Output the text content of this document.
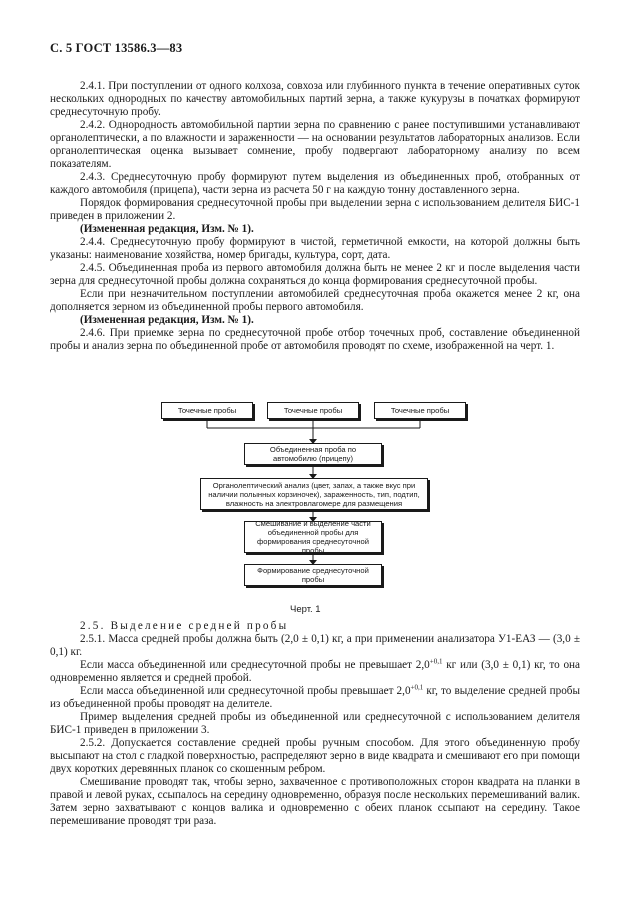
С. 5 ГОСТ 13586.3—83

2.4.1. При поступлении от одного колхоза, совхоза или глубинного пункта в течение оперативных суток нескольких однородных по качеству автомобильных партий зерна, а также кукурузы в початках формируют среднесуточную пробу.

2.4.2. Однородность автомобильной партии зерна по сравнению с ранее поступившими устанавливают органолептически, а по влажности и зараженности — на основании результатов лабораторных анализов. Если органолептическая оценка вызывает сомнение, пробу подвергают лабораторному анализу по всем показателям.

2.4.3. Среднесуточную пробу формируют путем выделения из объединенных проб, отобранных от каждого автомобиля (прицепа), части зерна из расчета 50 г на каждую тонну доставленного зерна.

Порядок формирования среднесуточной пробы при выделении зерна с использованием делителя БИС-1 приведен в приложении 2.

(Измененная редакция, Изм. № 1).

2.4.4. Среднесуточную пробу формируют в чистой, герметичной емкости, на которой должны быть указаны: наименование хозяйства, номер бригады, культура, сорт, дата.

2.4.5. Объединенная проба из первого автомобиля должна быть не менее 2 кг и после выделения части зерна для среднесуточной пробы должна сохраняться до конца формирования среднесуточной пробы.

Если при незначительном поступлении автомобилей среднесуточная проба окажется менее 2 кг, она дополняется зерном из объединенной пробы первого автомобиля.

(Измененная редакция, Изм. № 1).

2.4.6. При приемке зерна по среднесуточной пробе отбор точечных проб, составление объединенной пробы и анализ зерна по объединенной пробе от автомобиля проводят по схеме, изображенной на черт. 1.

Точечные пробы	Точечные пробы	Точечные пробы
Объединенная проба по автомобилю (прицепу)
Органолептический анализ (цвет, запах, а также вкус при наличии полынных корзиночек), зараженность, тип, подтип, влажность на электровлагомере для размещения
Смешивание и выделение части объединенной пробы для формирования среднесуточной пробы
Формирование среднесуточной пробы
Черт. 1

2.5. Выделение средней пробы

2.5.1. Масса средней пробы должна быть (2,0 ± 0,1) кг, а при применении анализатора У1-ЕАЗ — (3,0 ± 0,1) кг.

Если масса объединенной или среднесуточной пробы не превышает $2,0^{+0,1}$ кг или (3,0 ± 0,1) кг, то она одновременно является и средней пробой.

Если масса объединенной или среднесуточной пробы превышает $2,0^{+0,1}$ кг, то выделение средней пробы из объединенной пробы проводят на делителе.

Пример выделения средней пробы из объединенной или среднесуточной с использованием делителя БИС-1 приведен в приложении 3.

2.5.2. Допускается составление средней пробы ручным способом. Для этого объединенную пробу высыпают на стол с гладкой поверхностью, распределяют зерно в виде квадрата и смешивают его при помощи двух коротких деревянных планок со скошенным ребром.

Смешивание проводят так, чтобы зерно, захваченное с противоположных сторон квадрата на планки в правой и левой руках, ссыпалось на середину одновременно, образуя после нескольких перемешиваний валик. Затем зерно захватывают с концов валика и одновременно с обеих планок ссыпают на середину. Такое перемешивание проводят три раза.
